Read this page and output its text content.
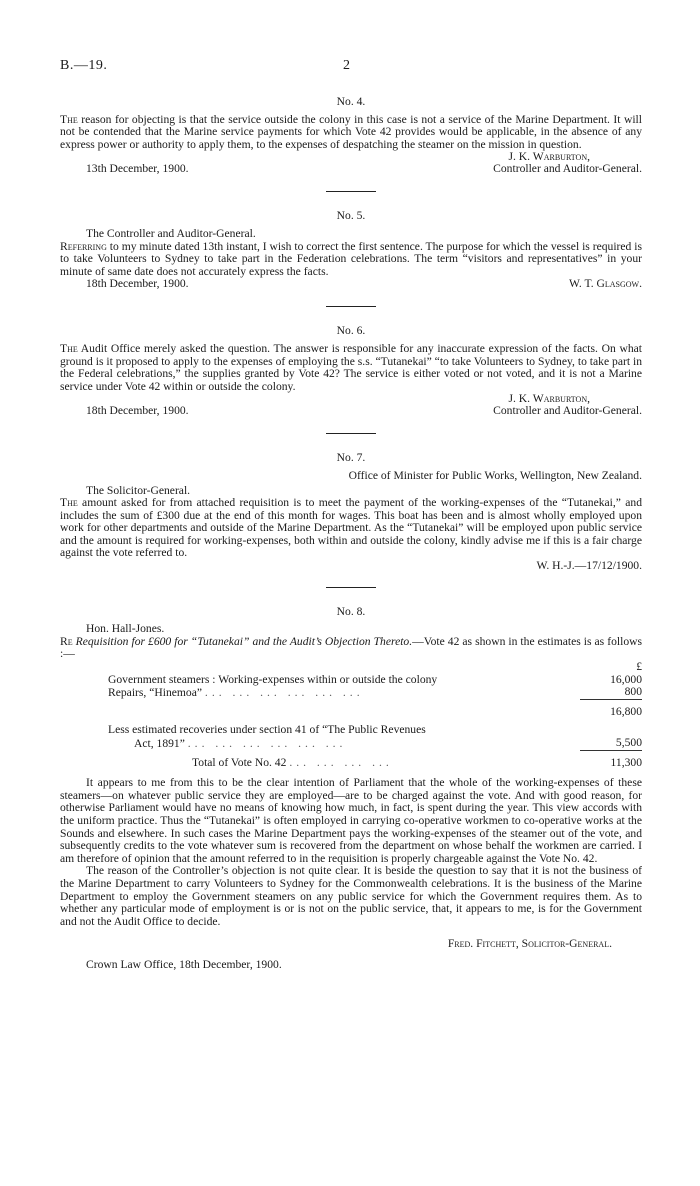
B.—19.	2
No. 4.

The reason for objecting is that the service outside the colony in this case is not a service of the Marine Department. It will not be contended that the Marine service payments for which Vote 42 provides would be applicable, in the absence of any express power or authority to apply them, to the expenses of despatching the steamer on the mission in question.

J. K. Warburton,
Controller and Auditor-General.
13th December, 1900.
No. 5.
The Controller and Auditor-General.

Referring to my minute dated 13th instant, I wish to correct the first sentence. The purpose for which the vessel is required is to take Volunteers to Sydney to take part in the Federation celebrations. The term “visitors and representatives” in your minute of same date does not accurately express the facts.

18th December, 1900.	W. T. Glasgow.
No. 6.

The Audit Office merely asked the question. The answer is responsible for any inaccurate expression of the facts. On what ground is it proposed to apply to the expenses of employing the s.s. “Tutanekai” “to take Volunteers to Sydney, to take part in the Federal celebrations,” the supplies granted by Vote 42? The service is either voted or not voted, and it is not a Marine service under Vote 42 within or outside the colony.

J. K. Warburton,
Controller and Auditor-General.
18th December, 1900.
No. 7.
Office of Minister for Public Works, Wellington, New Zealand.
The Solicitor-General.

The amount asked for from attached requisition is to meet the payment of the working-expenses of the “Tutanekai,” and includes the sum of £300 due at the end of this month for wages. This boat has been and is almost wholly employed upon work for other departments and outside of the Marine Department. As the “Tutanekai” will be employed upon public service and the amount is required for working-expenses, both within and outside the colony, kindly advise me if this is a fair charge against the vote referred to.

W. H.-J.—17/12/1900.
No. 8.
Hon. Hall-Jones.

Re Requisition for £600 for “Tutanekai” and the Audit’s Objection Thereto.—Vote 42 as shown in the estimates is as follows :—

	£
Government steamers : Working-expenses within or outside the colony	16,000
Repairs, “Hinemoa” ... ... ... ... ... ...	800
	16,800
Less estimated recoveries under section 41 of “The Public Revenues	
Act, 1891” ... ... ... ... ... ...	5,500
Total of Vote No. 42 ... ... ... ...	11,300

It appears to me from this to be the clear intention of Parliament that the whole of the working-expenses of these steamers—on whatever public service they are employed—are to be charged against the vote. And with good reason, for otherwise Parliament would have no means of knowing how much, in fact, is spent during the year. This view accords with the uniform practice. Thus the “Tutanekai” is often employed in carrying co-operative workmen to co-operative works at the Sounds and elsewhere. In such cases the Marine Department pays the working-expenses of the steamer out of the vote, and subsequently credits to the vote whatever sum is recovered from the department on whose behalf the workmen are carried. I am therefore of opinion that the amount referred to in the requisition is properly chargeable against the Vote No. 42.

The reason of the Controller’s objection is not quite clear. It is beside the question to say that it is not the business of the Marine Department to carry Volunteers to Sydney for the Commonwealth celebrations. It is the business of the Marine Department to employ the Government steamers on any public service for which the Government requires them. As to whether any particular mode of employment is or is not on the public service, that, it appears to me, is for the Government and not the Audit Office to decide.

Fred. Fitchett, Solicitor-General.
Crown Law Office, 18th December, 1900.
